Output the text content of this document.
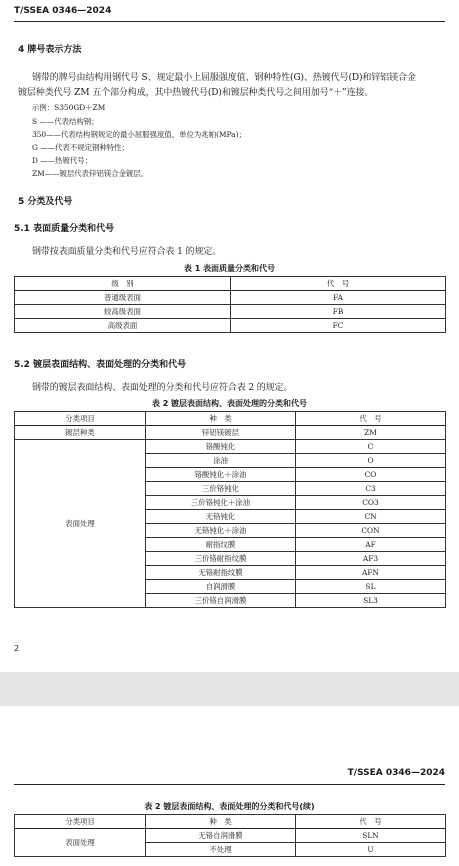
T/SSEA 0346—2024
4 牌号表示方法
钢带的牌号由结构用钢代号 S、规定最小上屈服强度值、钢种特性(G)、热镀代号(D)和锌铝镁合金
镀层种类代号 ZM 五个部分构成，其中热镀代号(D)和镀层种类代号之间用加号“＋”连接。
示例：S350GD＋ZM
S ——代表结构钢；
350——代表结构钢规定的最小屈服强度值，单位为兆帕(MPa)；
G ——代表不规定钢种特性；
D ——热镀代号；
ZM——镀层代表锌铝镁合金镀层。
5 分类及代号
5.1 表面质量分类和代号
钢带按表面质量分类和代号应符合表 1 的规定。
表 1 表面质量分类和代号
级　别	代　号
普通级表面	FA
较高级表面	FB
高级表面	FC
5.2 镀层表面结构、表面处理的分类和代号
钢带的镀层表面结构、表面处理的分类和代号应符合表 2 的规定。
表 2 镀层表面结构、表面处理的分类和代号
分类项目	种　类	代　号
镀层种类	锌铝镁镀层	ZM
表面处理	铬酸钝化	C
	涂油	O
	铬酸钝化＋涂油	CO
	三价铬钝化	C3
	三价铬钝化＋涂油	CO3
	无铬钝化	CN
	无铬钝化＋涂油	CON
	耐指纹膜	AF
	三价铬耐指纹膜	AF3
	无铬耐指纹膜	AFN
	自润滑膜	SL
	三价铬自润滑膜	SL3
2
T/SSEA 0346—2024
表 2 镀层表面结构、表面处理的分类和代号(续)
分类项目	种　类	代　号
表面处理	无铬自润滑膜	SLN
	不处理	U
